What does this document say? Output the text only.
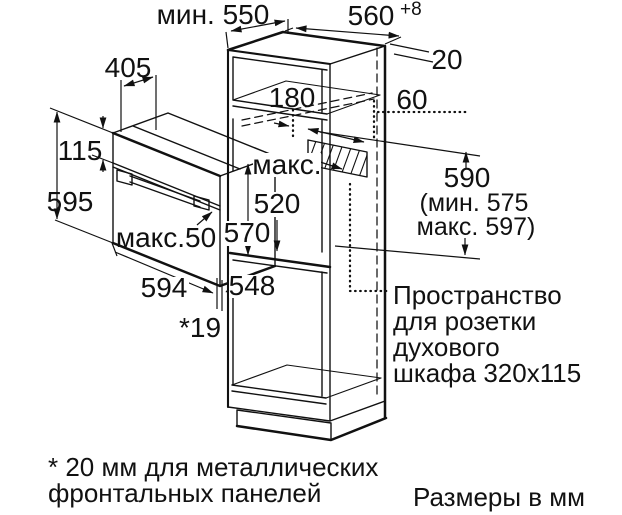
мин. 550	560 +8
20
60
180
405
115
595
макс.50
макс.
520
570
590
(мин. 575
макс. 597)
594 548
*19
Пространство
для розетки
духового
шкафа 320x115
* 20 мм для металлических
фронтальных панелей	Размеры в мм
